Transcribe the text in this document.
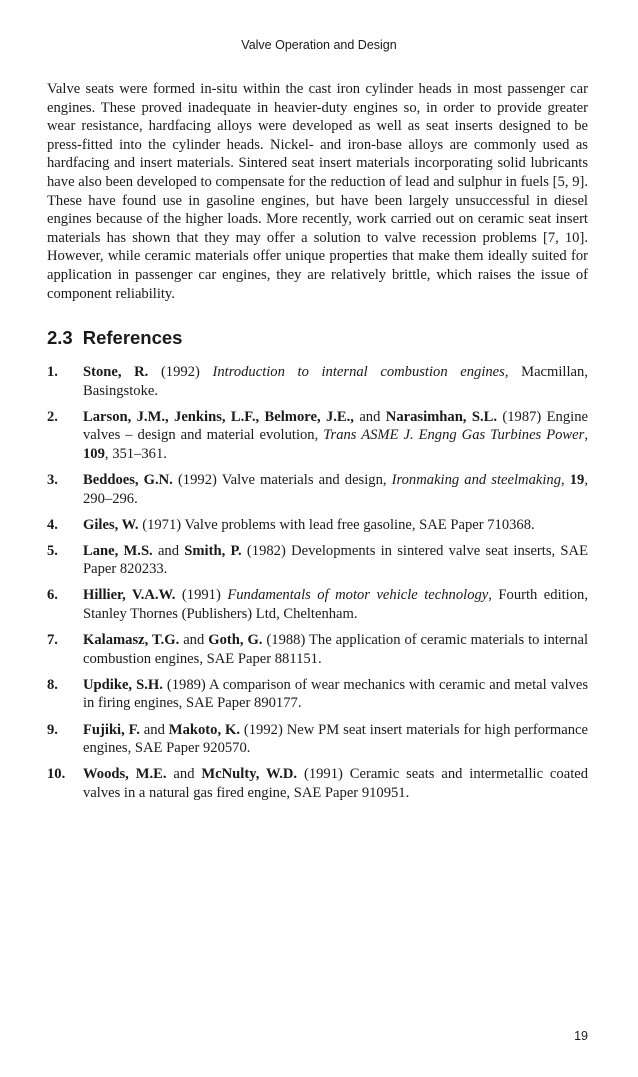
Valve Operation and Design

Valve seats were formed in-situ within the cast iron cylinder heads in most passenger car engines. These proved inadequate in heavier-duty engines so, in order to provide greater wear resistance, hardfacing alloys were developed as well as seat inserts designed to be press-fitted into the cylinder heads. Nickel- and iron-base alloys are commonly used as hardfacing and insert materials. Sintered seat insert materials incorporating solid lubricants have also been developed to compensate for the reduction of lead and sulphur in fuels [5, 9]. These have found use in gasoline engines, but have been largely unsuccessful in diesel engines because of the higher loads. More recently, work carried out on ceramic seat insert materials has shown that they may offer a solution to valve recession problems [7, 10]. However, while ceramic materials offer unique properties that make them ideally suited for application in passenger car engines, they are relatively brittle, which raises the issue of component reliability.

2.3 References
1. Stone, R. (1992) Introduction to internal combustion engines, Macmillan, Basingstoke.
2. Larson, J.M., Jenkins, L.F., Belmore, J.E., and Narasimhan, S.L. (1987) Engine valves – design and material evolution, Trans ASME J. Engng Gas Turbines Power, 109, 351–361.
3. Beddoes, G.N. (1992) Valve materials and design, Ironmaking and steelmaking, 19, 290–296.
4. Giles, W. (1971) Valve problems with lead free gasoline, SAE Paper 710368.
5. Lane, M.S. and Smith, P. (1982) Developments in sintered valve seat inserts, SAE Paper 820233.
6. Hillier, V.A.W. (1991) Fundamentals of motor vehicle technology, Fourth edition, Stanley Thornes (Publishers) Ltd, Cheltenham.
7. Kalamasz, T.G. and Goth, G. (1988) The application of ceramic materials to internal combustion engines, SAE Paper 881151.
8. Updike, S.H. (1989) A comparison of wear mechanics with ceramic and metal valves in firing engines, SAE Paper 890177.
9. Fujiki, F. and Makoto, K. (1992) New PM seat insert materials for high performance engines, SAE Paper 920570.
10. Woods, M.E. and McNulty, W.D. (1991) Ceramic seats and intermetallic coated valves in a natural gas fired engine, SAE Paper 910951.
19
